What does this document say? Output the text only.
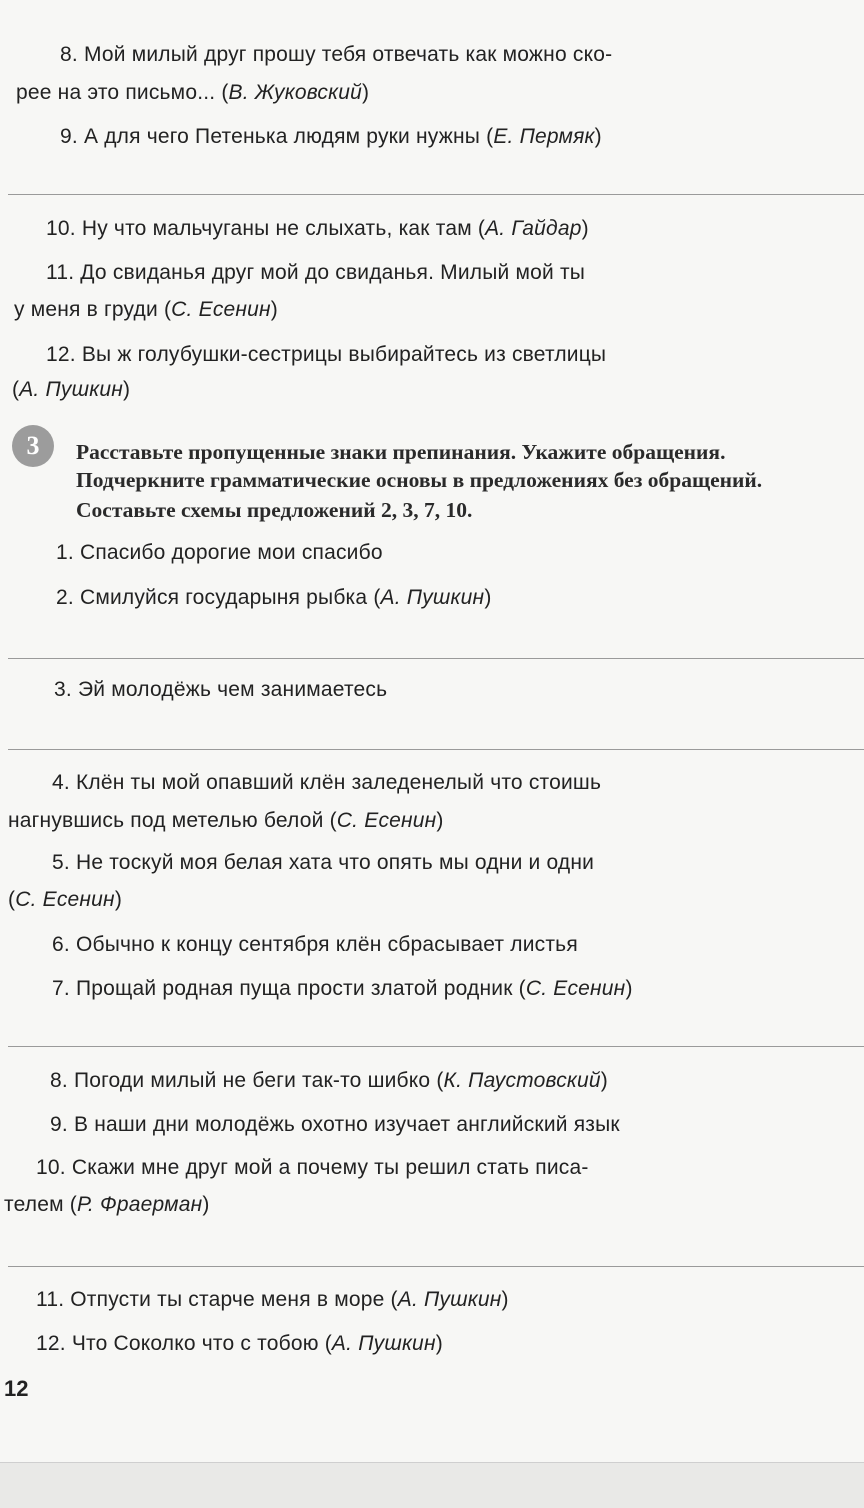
8. Мой милый друг прошу тебя отвечать как можно ско-
рее на это письмо... (В. Жуковский)
9. А для чего Петенька людям руки нужны (Е. Пермяк)
10. Ну что мальчуганы не слыхать, как там (А. Гайдар)
11. До свиданья друг мой до свиданья. Милый мой ты
у меня в груди (С. Есенин)
12. Вы ж голубушки-сестрицы выбирайтесь из светлицы
(А. Пушкин)
3	Расставьте пропущенные знаки препинания. Укажите обращения.
Подчеркните грамматические основы в предложениях без обращений.
Составьте схемы предложений 2, 3, 7, 10.
1. Спасибо дорогие мои спасибо
2. Смилуйся государыня рыбка (А. Пушкин)
3. Эй молодёжь чем занимаетесь
4. Клён ты мой опавший клён заледенелый что стоишь
нагнувшись под метелью белой (С. Есенин)
5. Не тоскуй моя белая хата что опять мы одни и одни
(С. Есенин)
6. Обычно к концу сентября клён сбрасывает листья
7. Прощай родная пуща прости златой родник (С. Есенин)
8. Погоди милый не беги так-то шибко (К. Паустовский)
9. В наши дни молодёжь охотно изучает английский язык
10. Скажи мне друг мой а почему ты решил стать писа-
телем (Р. Фраерман)
11. Отпусти ты старче меня в море (А. Пушкин)
12. Что Соколко что с тобою (А. Пушкин)
12
